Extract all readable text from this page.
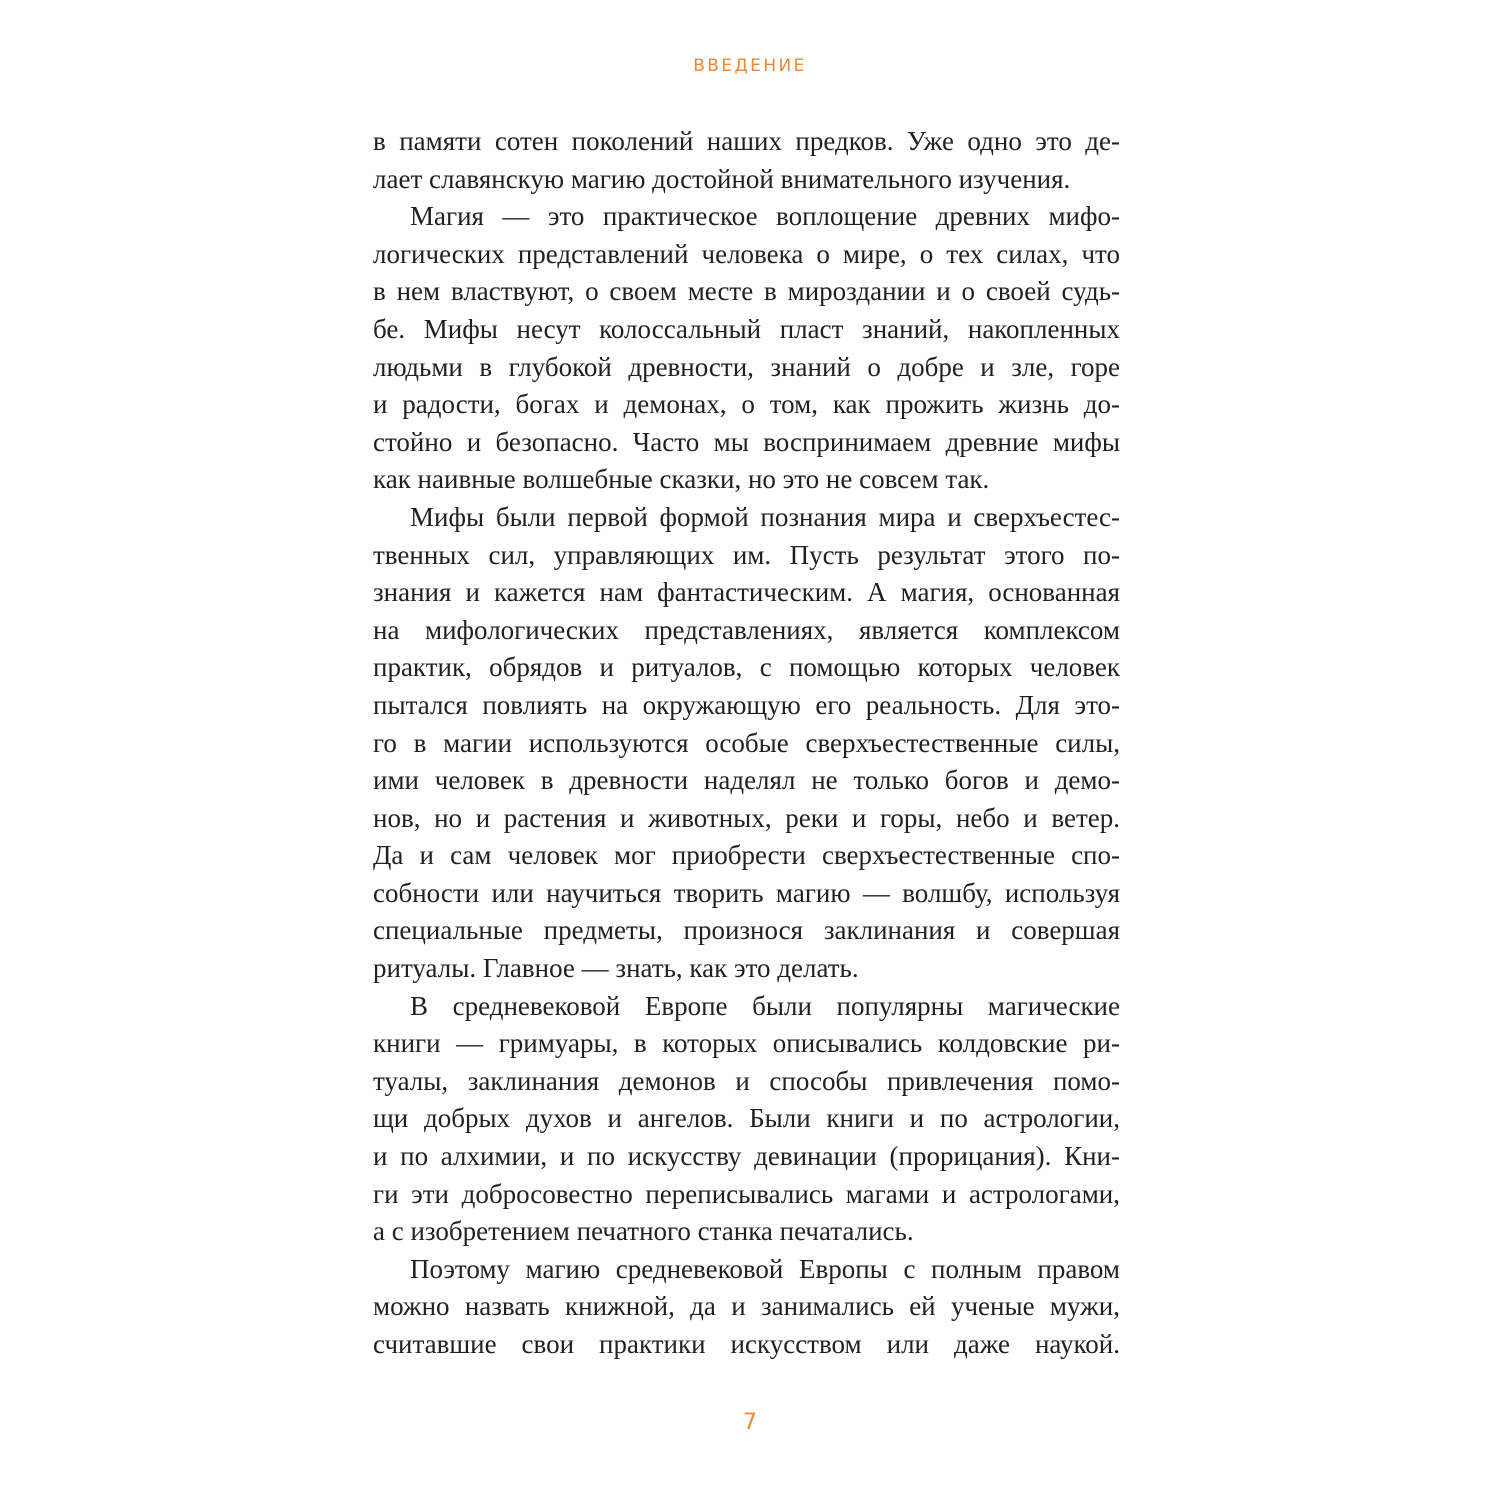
ВВЕДЕНИЕ
в памяти сотен поколений наших предков. Уже одно это де-
лает славянскую магию достойной внимательного изучения.
Магия — это практическое воплощение древних мифо-
логических представлений человека о мире, о тех силах, что
в нем властвуют, о своем месте в мироздании и о своей судь-
бе. Мифы несут колоссальный пласт знаний, накопленных
людьми в глубокой древности, знаний о добре и зле, горе
и радости, богах и демонах, о том, как прожить жизнь до-
стойно и безопасно. Часто мы воспринимаем древние мифы
как наивные волшебные сказки, но это не совсем так.
Мифы были первой формой познания мира и сверхъестес-
твенных сил, управляющих им. Пусть результат этого по-
знания и кажется нам фантастическим. А магия, основанная
на мифологических представлениях, является комплексом
практик, обрядов и ритуалов, с помощью которых человек
пытался повлиять на окружающую его реальность. Для это-
го в магии используются особые сверхъестественные силы,
ими человек в древности наделял не только богов и демо-
нов, но и растения и животных, реки и горы, небо и ветер.
Да и сам человек мог приобрести сверхъестественные спо-
собности или научиться творить магию — волшбу, используя
специальные предметы, произнося заклинания и совершая
ритуалы. Главное — знать, как это делать.
В средневековой Европе были популярны магические
книги — гримуары, в которых описывались колдовские ри-
туалы, заклинания демонов и способы привлечения помо-
щи добрых духов и ангелов. Были книги и по астрологии,
и по алхимии, и по искусству девинации (прорицания). Кни-
ги эти добросовестно переписывались магами и астрологами,
а с изобретением печатного станка печатались.
Поэтому магию средневековой Европы с полным правом
можно назвать книжной, да и занимались ей ученые мужи,
считавшие свои практики искусством или даже наукой.
7
